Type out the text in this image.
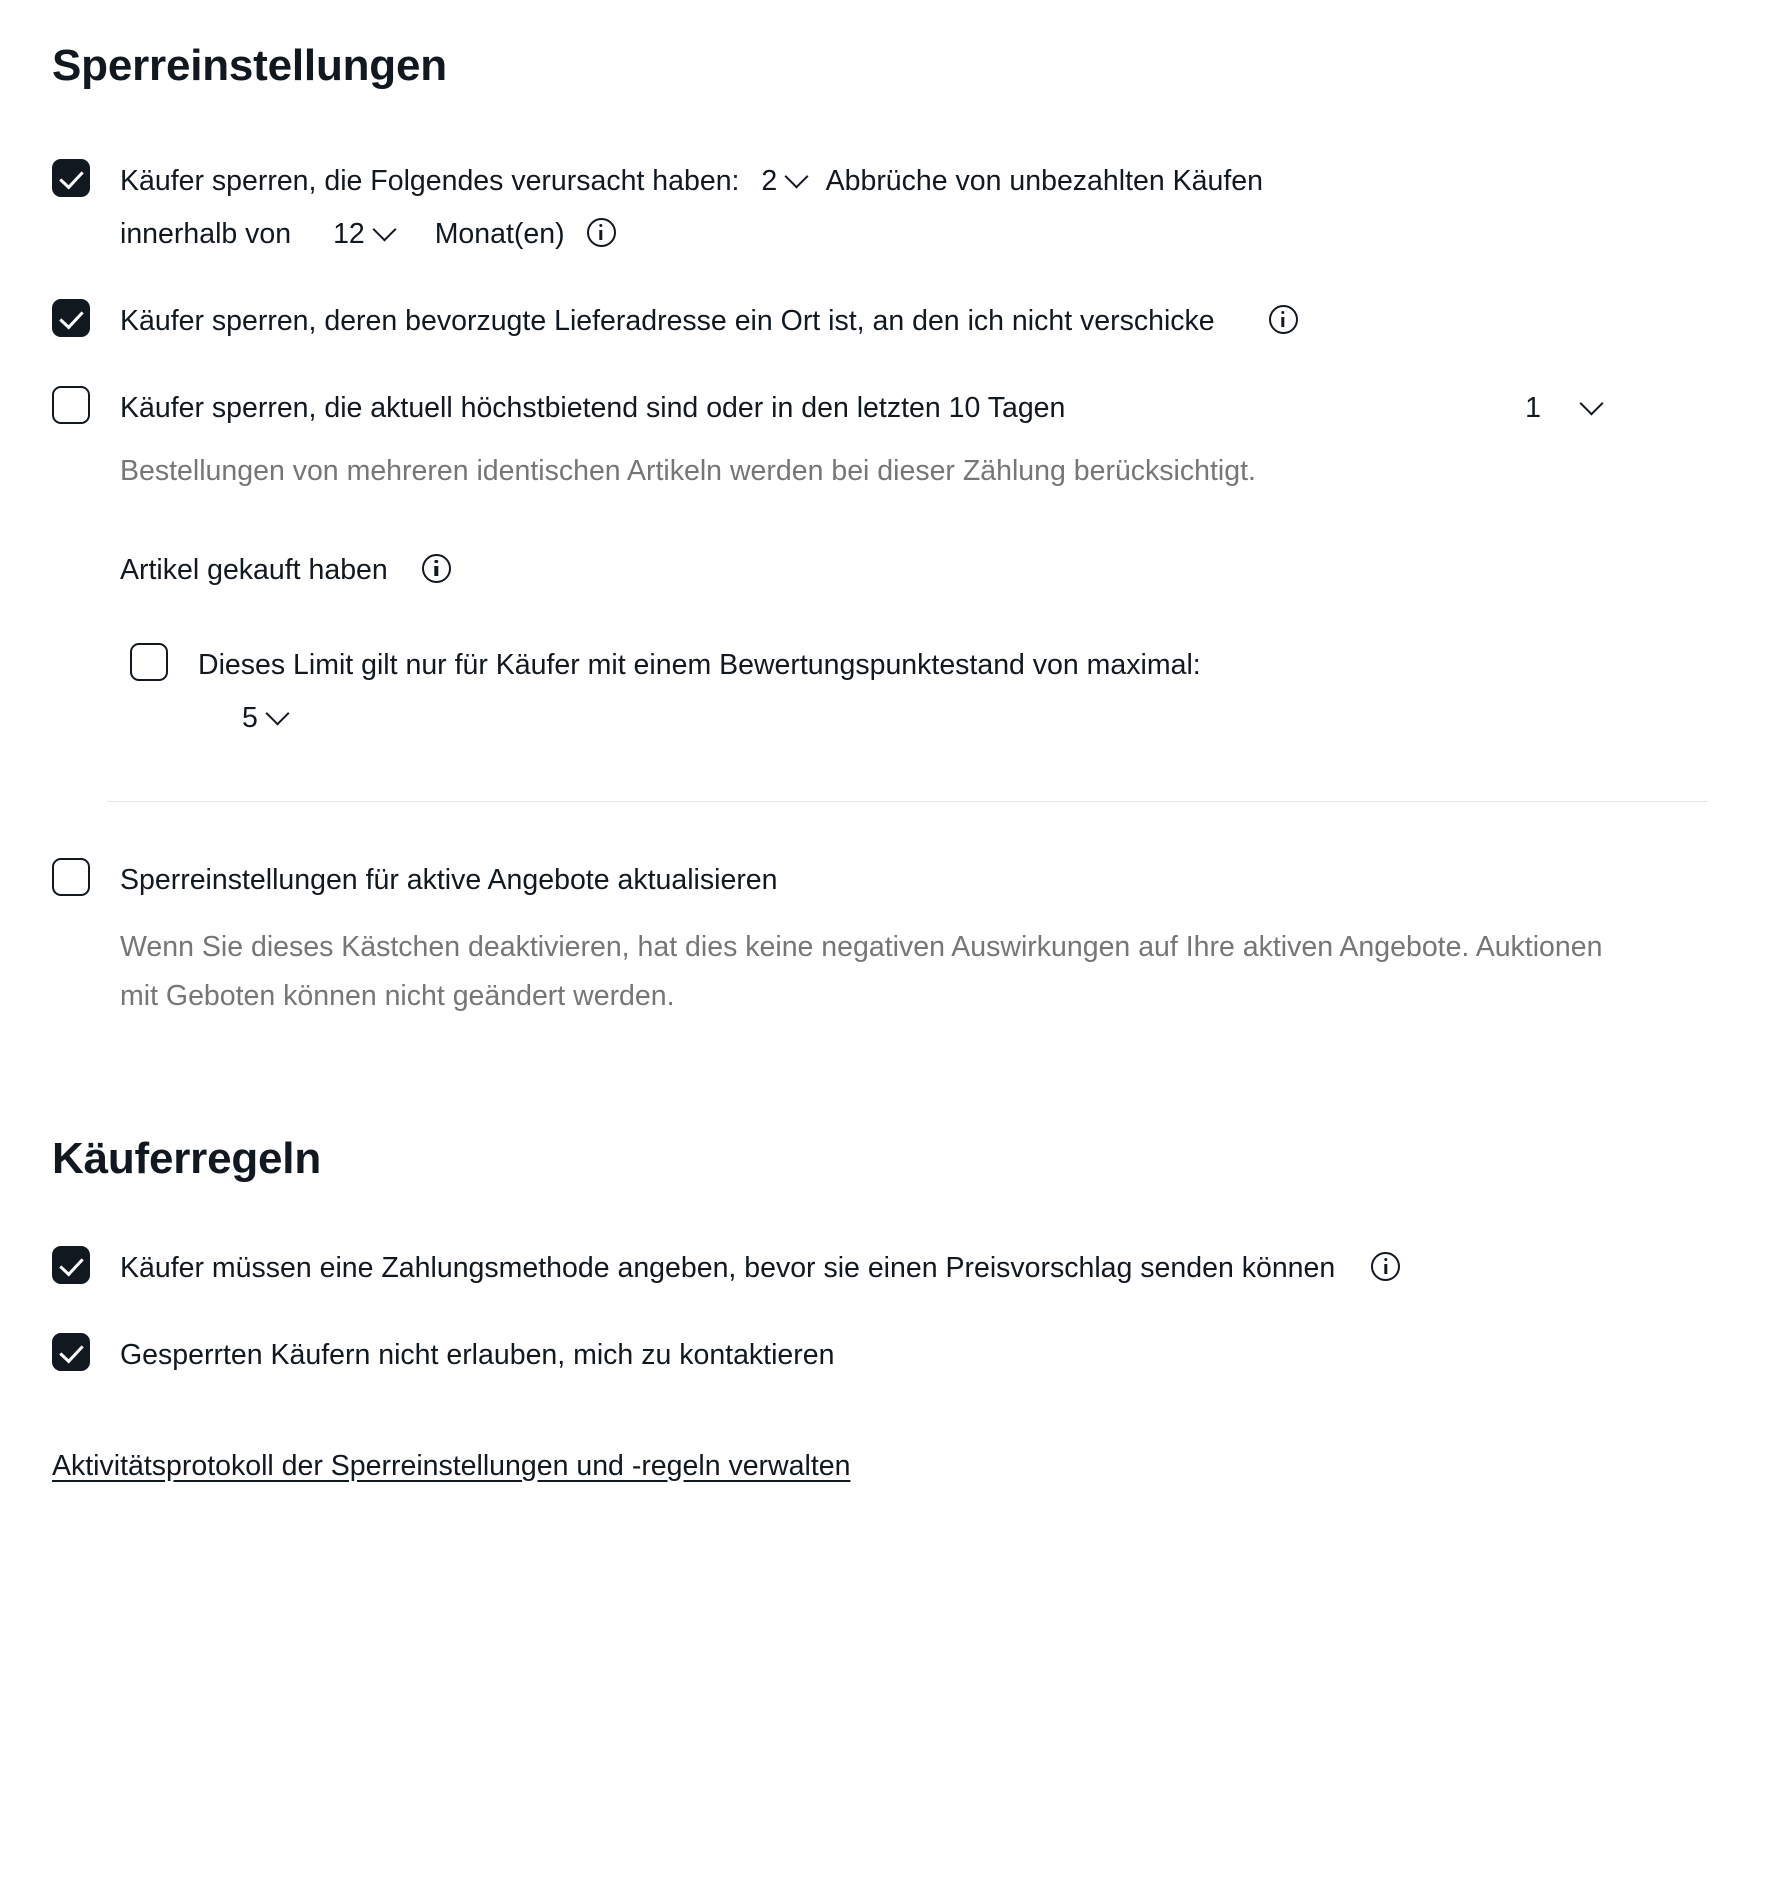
Sperreinstellungen
Käufer sperren, die Folgendes verursacht haben: 2 Abbrüche von unbezahlten Käufen
innerhalb von 12 Monat(en)
Käufer sperren, deren bevorzugte Lieferadresse ein Ort ist, an den ich nicht verschicke
Käufer sperren, die aktuell höchstbietend sind oder in den letzten 10 Tagen	1
Bestellungen von mehreren identischen Artikeln werden bei dieser Zählung berücksichtigt.
Artikel gekauft haben
Dieses Limit gilt nur für Käufer mit einem Bewertungspunktestand von maximal:

5
Sperreinstellungen für aktive Angebote aktualisieren
Wenn Sie dieses Kästchen deaktivieren, hat dies keine negativen Auswirkungen auf Ihre aktiven Angebote. Auktionen mit Geboten können nicht geändert werden.
Käuferregeln
Käufer müssen eine Zahlungsmethode angeben, bevor sie einen Preisvorschlag senden können
Gesperrten Käufern nicht erlauben, mich zu kontaktieren
Aktivitätsprotokoll der Sperreinstellungen und -regeln verwalten
